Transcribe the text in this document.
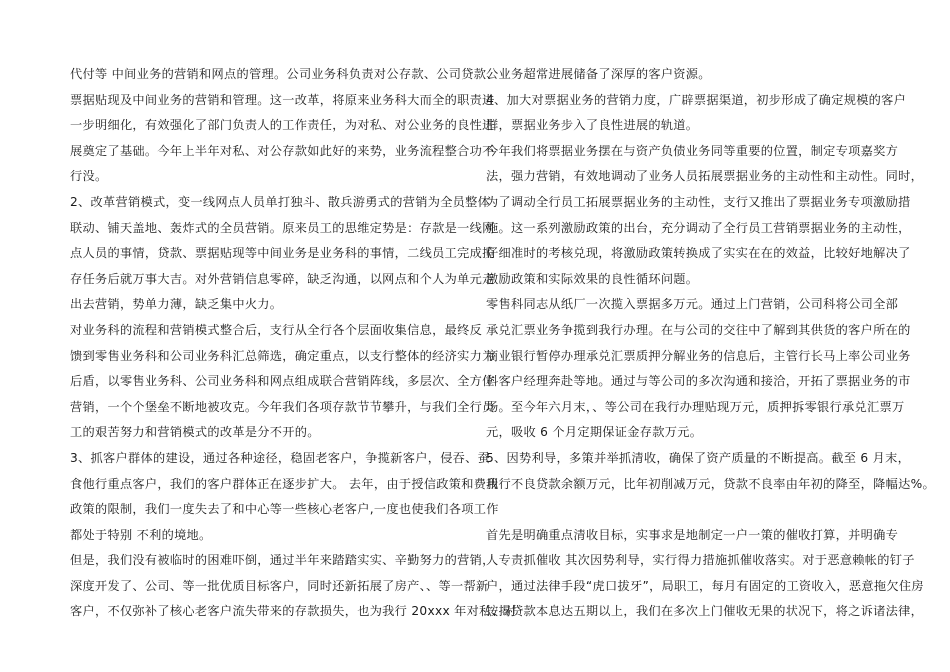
代付等 中间业务的营销和网点的管理。公司业务科负责对公存款、公司贷款、
票据贴现及中间业务的营销和管理。这一改革，将原来业务科大而全的职责进
一步明细化，有效强化了部门负责人的工作责任，为对私、对公业务的良性进
展奠定了基础。今年上半年对私、对公存款如此好的来势，业务流程整合功不
行没。
2、改革营销模式，变一线网点人员单打独斗、散兵游勇式的营销为全员整体
联动、铺天盖地、轰炸式的全员营销。原来员工的思维定势是：存款是一线网
点人员的事情，贷款、票据贴现等中间业务是业务科的事情，二线员工完成揽
存任务后就万事大吉。对外营销信息零碎，缺乏沟通，以网点和个人为单元走
出去营销，势单力薄，缺乏集中火力。
对业务科的流程和营销模式整合后，支行从全行各个层面收集信息，最终反
馈到零售业务科和公司业务科汇总筛选，确定重点，以支行整体的经济实力为
后盾，以零售业务科、公司业务科和网点组成联合营销阵线，多层次、全方位
营销，一个个堡垒不断地被攻克。今年我们各项存款节节攀升，与我们全行员
工的艰苦努力和营销模式的改革是分不开的。
3、抓客户群体的建设，通过各种途径，稳固老客户，争揽新客户，侵吞、蚕
食他行重点客户，我们的客户群体正在逐步扩大。 去年，由于授信政策和费用
政策的限制，我们一度失去了和中心等一些核心老客户,一度也使我们各项工作
都处于特别 不利的境地。
但是，我们没有被临时的困难吓倒，通过半年来踏踏实实、辛勤努力的营销，
深度开发了、公司、等一批优质目标客户，同时还新拓展了房产、、等一帮新
客户，不仅弥补了核心老客户流失带来的存款损失，也为我行 20xxx 年对私、对
公业务超常进展储备了深厚的客户资源。
4、加大对票据业务的营销力度，广辟票据渠道，初步形成了确定规模的客户
群，票据业务步入了良性进展的轨道。
今年我们将票据业务摆在与资产负债业务同等重要的位置，制定专项嘉奖方
法，强力营销，有效地调动了业务人员拓展票据业务的主动性和主动性。同时，
为了调动全行员工拓展票据业务的主动性，支行又推出了票据业务专项激励措
施。这一系列激励政策的出台，充分调动了全行员工营销票据业务的主动性，
仔细准时的考核兑现，将激励政策转换成了实实在在的效益，比较好地解决了
激励政策和实际效果的良性循环问题。
零售科同志从纸厂一次揽入票据多万元。通过上门营销，公司科将公司全部
承兑汇票业务争揽到我行办理。在与公司的交往中了解到其供货的客户所在的
商业银行暂停办理承兑汇票质押分解业务的信息后，主管行长马上率公司业务
科客户经理奔赴等地。通过与等公司的多次沟通和接洽，开拓了票据业务的市
场。至今年六月末，、等公司在我行办理贴现万元，质押拆零银行承兑汇票万
元，吸收 6 个月定期保证金存款万元。
5、因势利导，多策并举抓清收，确保了资产质量的不断提高。截至 6 月末，
我行不良贷款余额万元，比年初削减万元，贷款不良率由年初的降至，降幅达%。
首先是明确重点清收目标，实事求是地制定一户一策的催收打算，并明确专
人专责抓催收 其次因势利导，实行得力措施抓催收落实。对于恶意赖帐的钉子
户，通过法律手段“虎口拔牙”，局职工，每月有固定的工资收入，恶意拖欠住房
按揭贷款本息达五期以上，我们在多次上门催收无果的状况下，将之诉诸法律，
